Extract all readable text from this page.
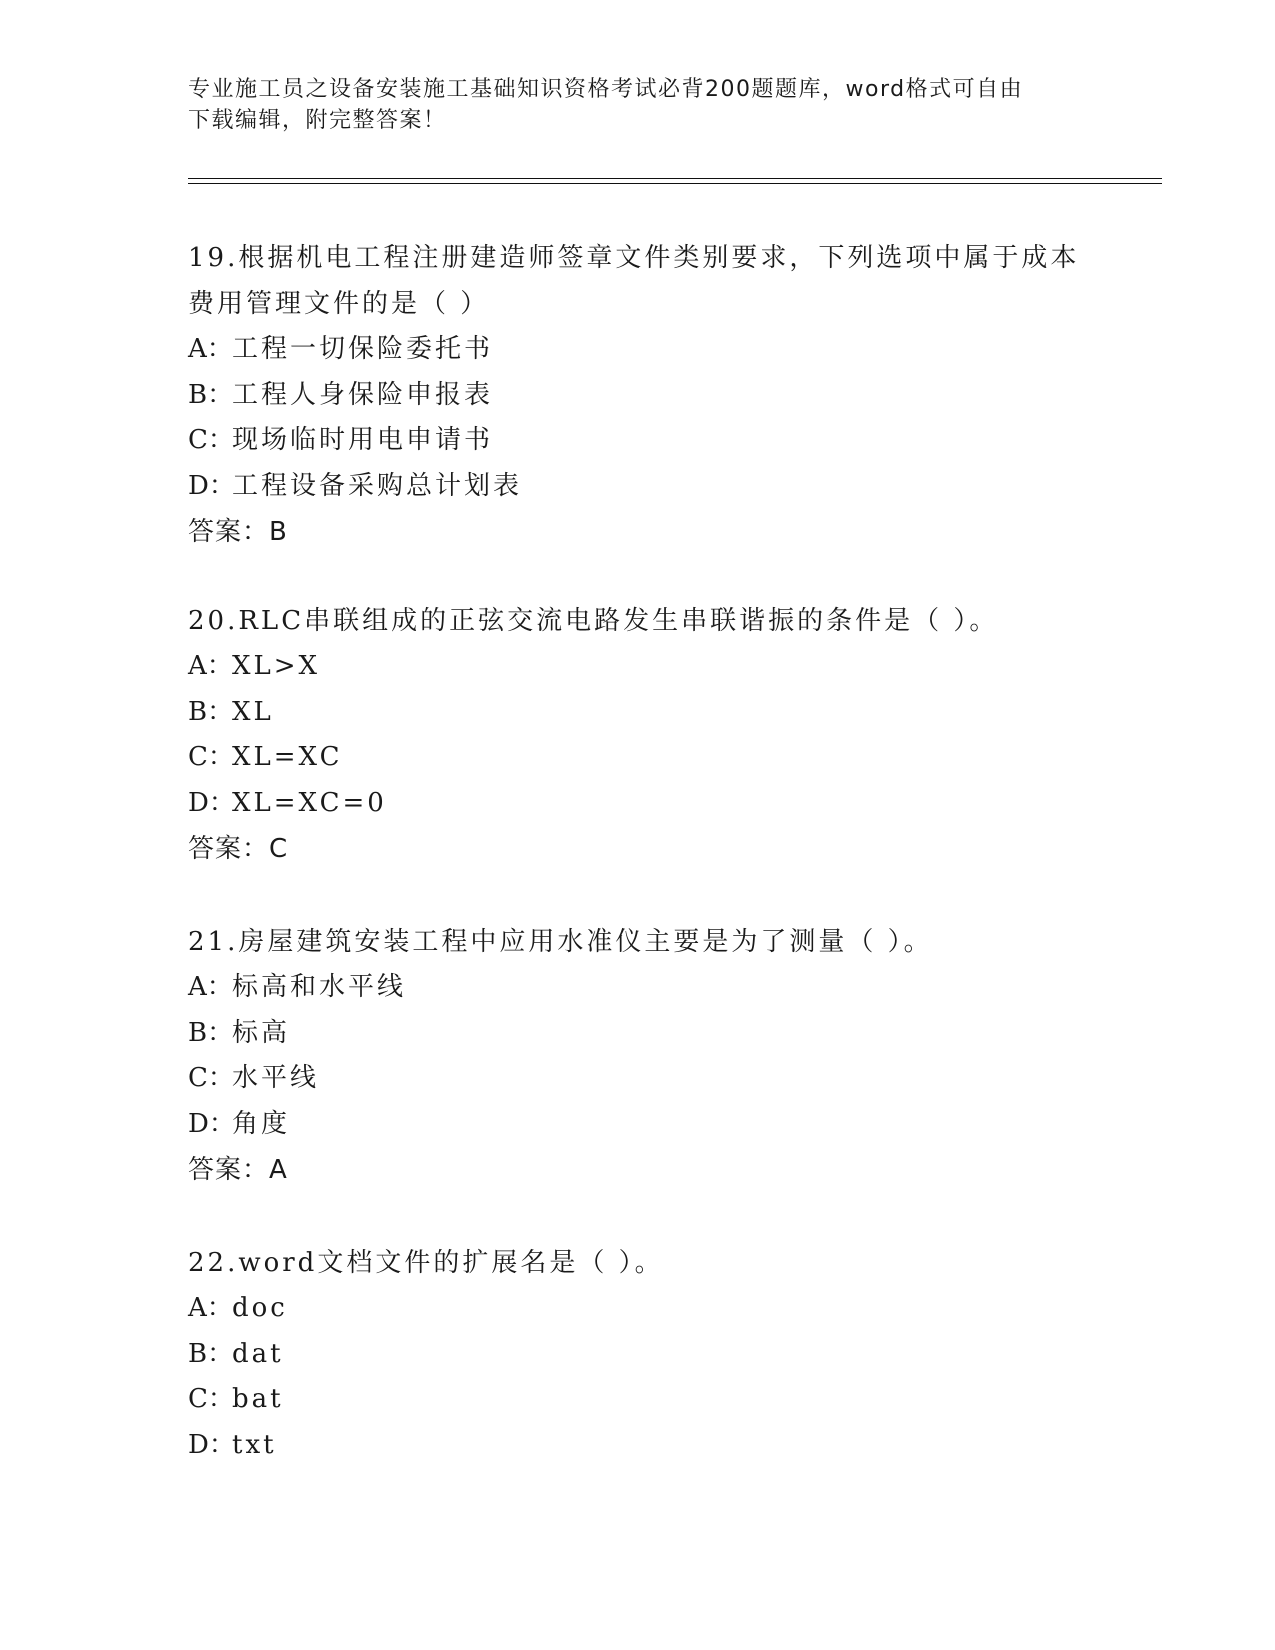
专业施工员之设备安装施工基础知识资格考试必背200题题库，word格式可自由
下载编辑，附完整答案！
19.根据机电工程注册建造师签章文件类别要求，下列选项中属于成本
费用管理文件的是（ ）
A：工程一切保险委托书
B：工程人身保险申报表
C：现场临时用电申请书
D：工程设备采购总计划表
答案：B
20.RLC串联组成的正弦交流电路发生串联谐振的条件是（ ）。
A：XL>X
B：XL
C：XL=XC
D：XL=XC=0
答案：C
21.房屋建筑安装工程中应用水准仪主要是为了测量（ ）。
A：标高和水平线
B：标高
C：水平线
D：角度
答案：A
22.word文档文件的扩展名是（ ）。
A：doc
B：dat
C：bat
D：txt
